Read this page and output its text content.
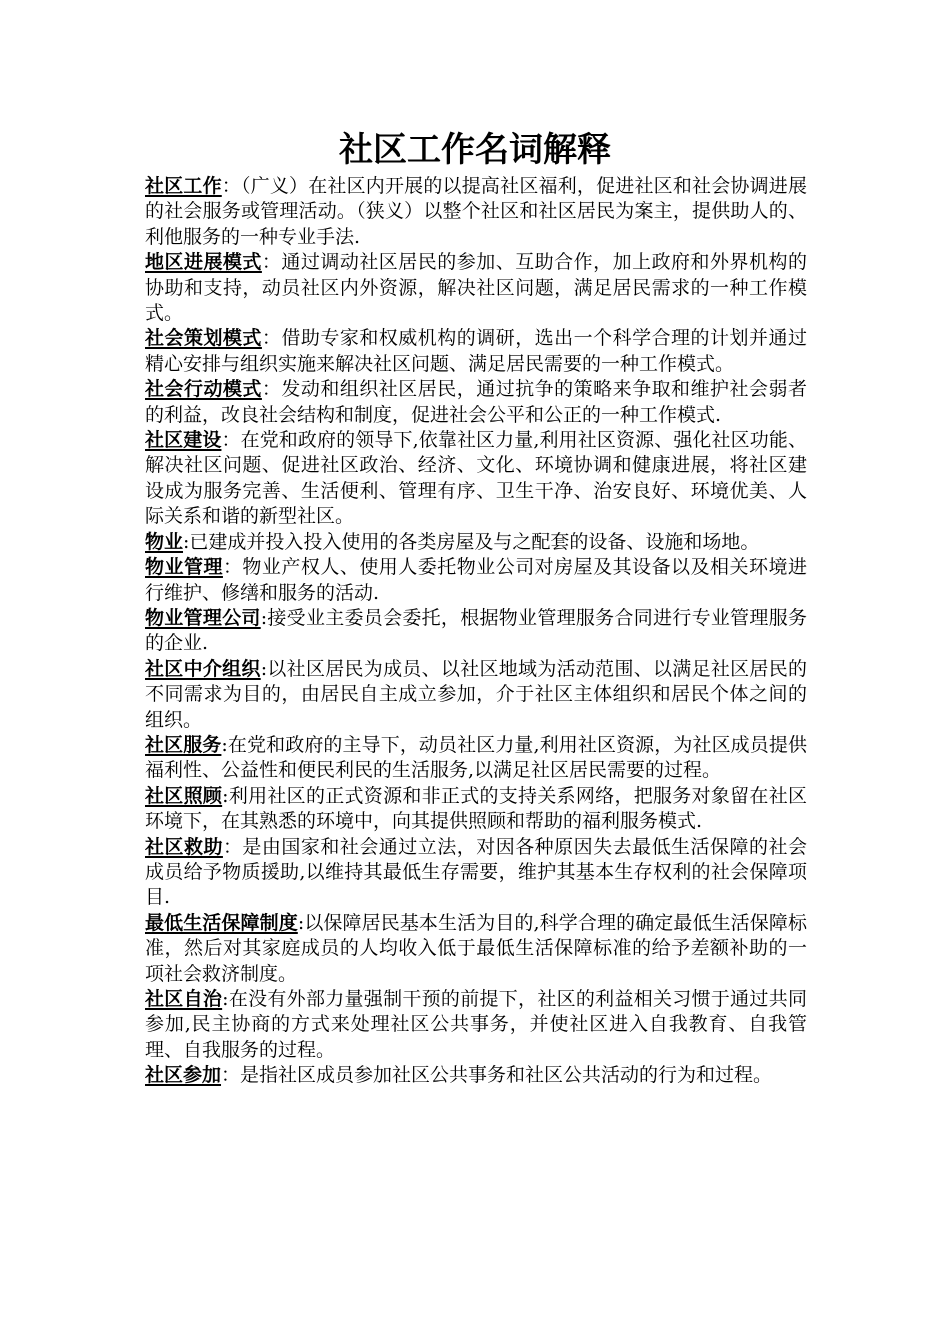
社区工作名词解释

社区工作：（广义）在社区内开展的以提高社区福利，促进社区和社会协调进展的社会服务或管理活动。（狭义）以整个社区和社区居民为案主，提供助人的、利他服务的一种专业手法.

地区进展模式：通过调动社区居民的参加、互助合作，加上政府和外界机构的协助和支持，动员社区内外资源，解决社区问题，满足居民需求的一种工作模式。

社会策划模式：借助专家和权威机构的调研，选出一个科学合理的计划并通过精心安排与组织实施来解决社区问题、满足居民需要的一种工作模式。

社会行动模式：发动和组织社区居民，通过抗争的策略来争取和维护社会弱者的利益，改良社会结构和制度，促进社会公平和公正的一种工作模式.

社区建设：在党和政府的领导下,依靠社区力量,利用社区资源、强化社区功能、解决社区问题、促进社区政治、经济、文化、环境协调和健康进展，将社区建设成为服务完善、生活便利、管理有序、卫生干净、治安良好、环境优美、人际关系和谐的新型社区。

物业:已建成并投入投入使用的各类房屋及与之配套的设备、设施和场地。

物业管理：物业产权人、使用人委托物业公司对房屋及其设备以及相关环境进行维护、修缮和服务的活动.

物业管理公司:接受业主委员会委托，根据物业管理服务合同进行专业管理服务的企业.

社区中介组织:以社区居民为成员、以社区地域为活动范围、以满足社区居民的不同需求为目的，由居民自主成立参加，介于社区主体组织和居民个体之间的组织。

社区服务:在党和政府的主导下，动员社区力量,利用社区资源，为社区成员提供福利性、公益性和便民利民的生活服务,以满足社区居民需要的过程。

社区照顾:利用社区的正式资源和非正式的支持关系网络，把服务对象留在社区环境下，在其熟悉的环境中，向其提供照顾和帮助的福利服务模式.

社区救助：是由国家和社会通过立法，对因各种原因失去最低生活保障的社会成员给予物质援助,以维持其最低生存需要，维护其基本生存权利的社会保障项目.

最低生活保障制度:以保障居民基本生活为目的,科学合理的确定最低生活保障标准，然后对其家庭成员的人均收入低于最低生活保障标准的给予差额补助的一项社会救济制度。

社区自治:在没有外部力量强制干预的前提下，社区的利益相关习惯于通过共同参加,民主协商的方式来处理社区公共事务，并使社区进入自我教育、自我管理、自我服务的过程。

社区参加：是指社区成员参加社区公共事务和社区公共活动的行为和过程。
